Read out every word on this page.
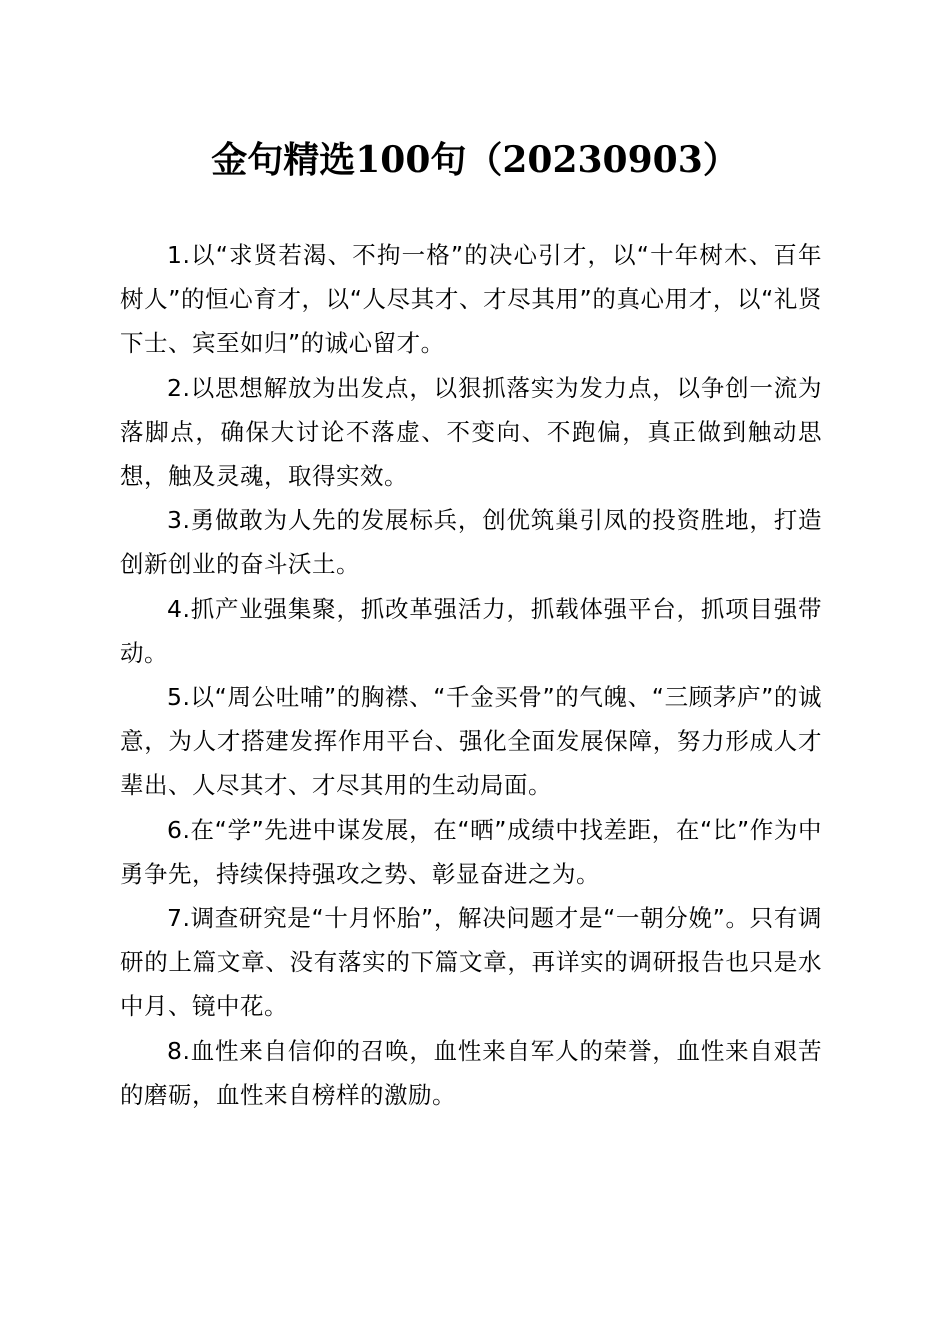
金句精选100句（20230903）

1.以“求贤若渴、不拘一格”的决心引才，以“十年树木、百年树人”的恒心育才，以“人尽其才、才尽其用”的真心用才，以“礼贤下士、宾至如归”的诚心留才。

2.以思想解放为出发点，以狠抓落实为发力点，以争创一流为落脚点，确保大讨论不落虚、不变向、不跑偏，真正做到触动思想，触及灵魂，取得实效。

3.勇做敢为人先的发展标兵，创优筑巢引凤的投资胜地，打造创新创业的奋斗沃土。

4.抓产业强集聚，抓改革强活力，抓载体强平台，抓项目强带动。

5.以“周公吐哺”的胸襟、“千金买骨”的气魄、“三顾茅庐”的诚意，为人才搭建发挥作用平台、强化全面发展保障，努力形成人才辈出、人尽其才、才尽其用的生动局面。

6.在“学”先进中谋发展，在“晒”成绩中找差距，在“比”作为中勇争先，持续保持强攻之势、彰显奋进之为。

7.调查研究是“十月怀胎”，解决问题才是“一朝分娩”。只有调研的上篇文章、没有落实的下篇文章，再详实的调研报告也只是水中月、镜中花。

8.血性来自信仰的召唤，血性来自军人的荣誉，血性来自艰苦的磨砺，血性来自榜样的激励。
